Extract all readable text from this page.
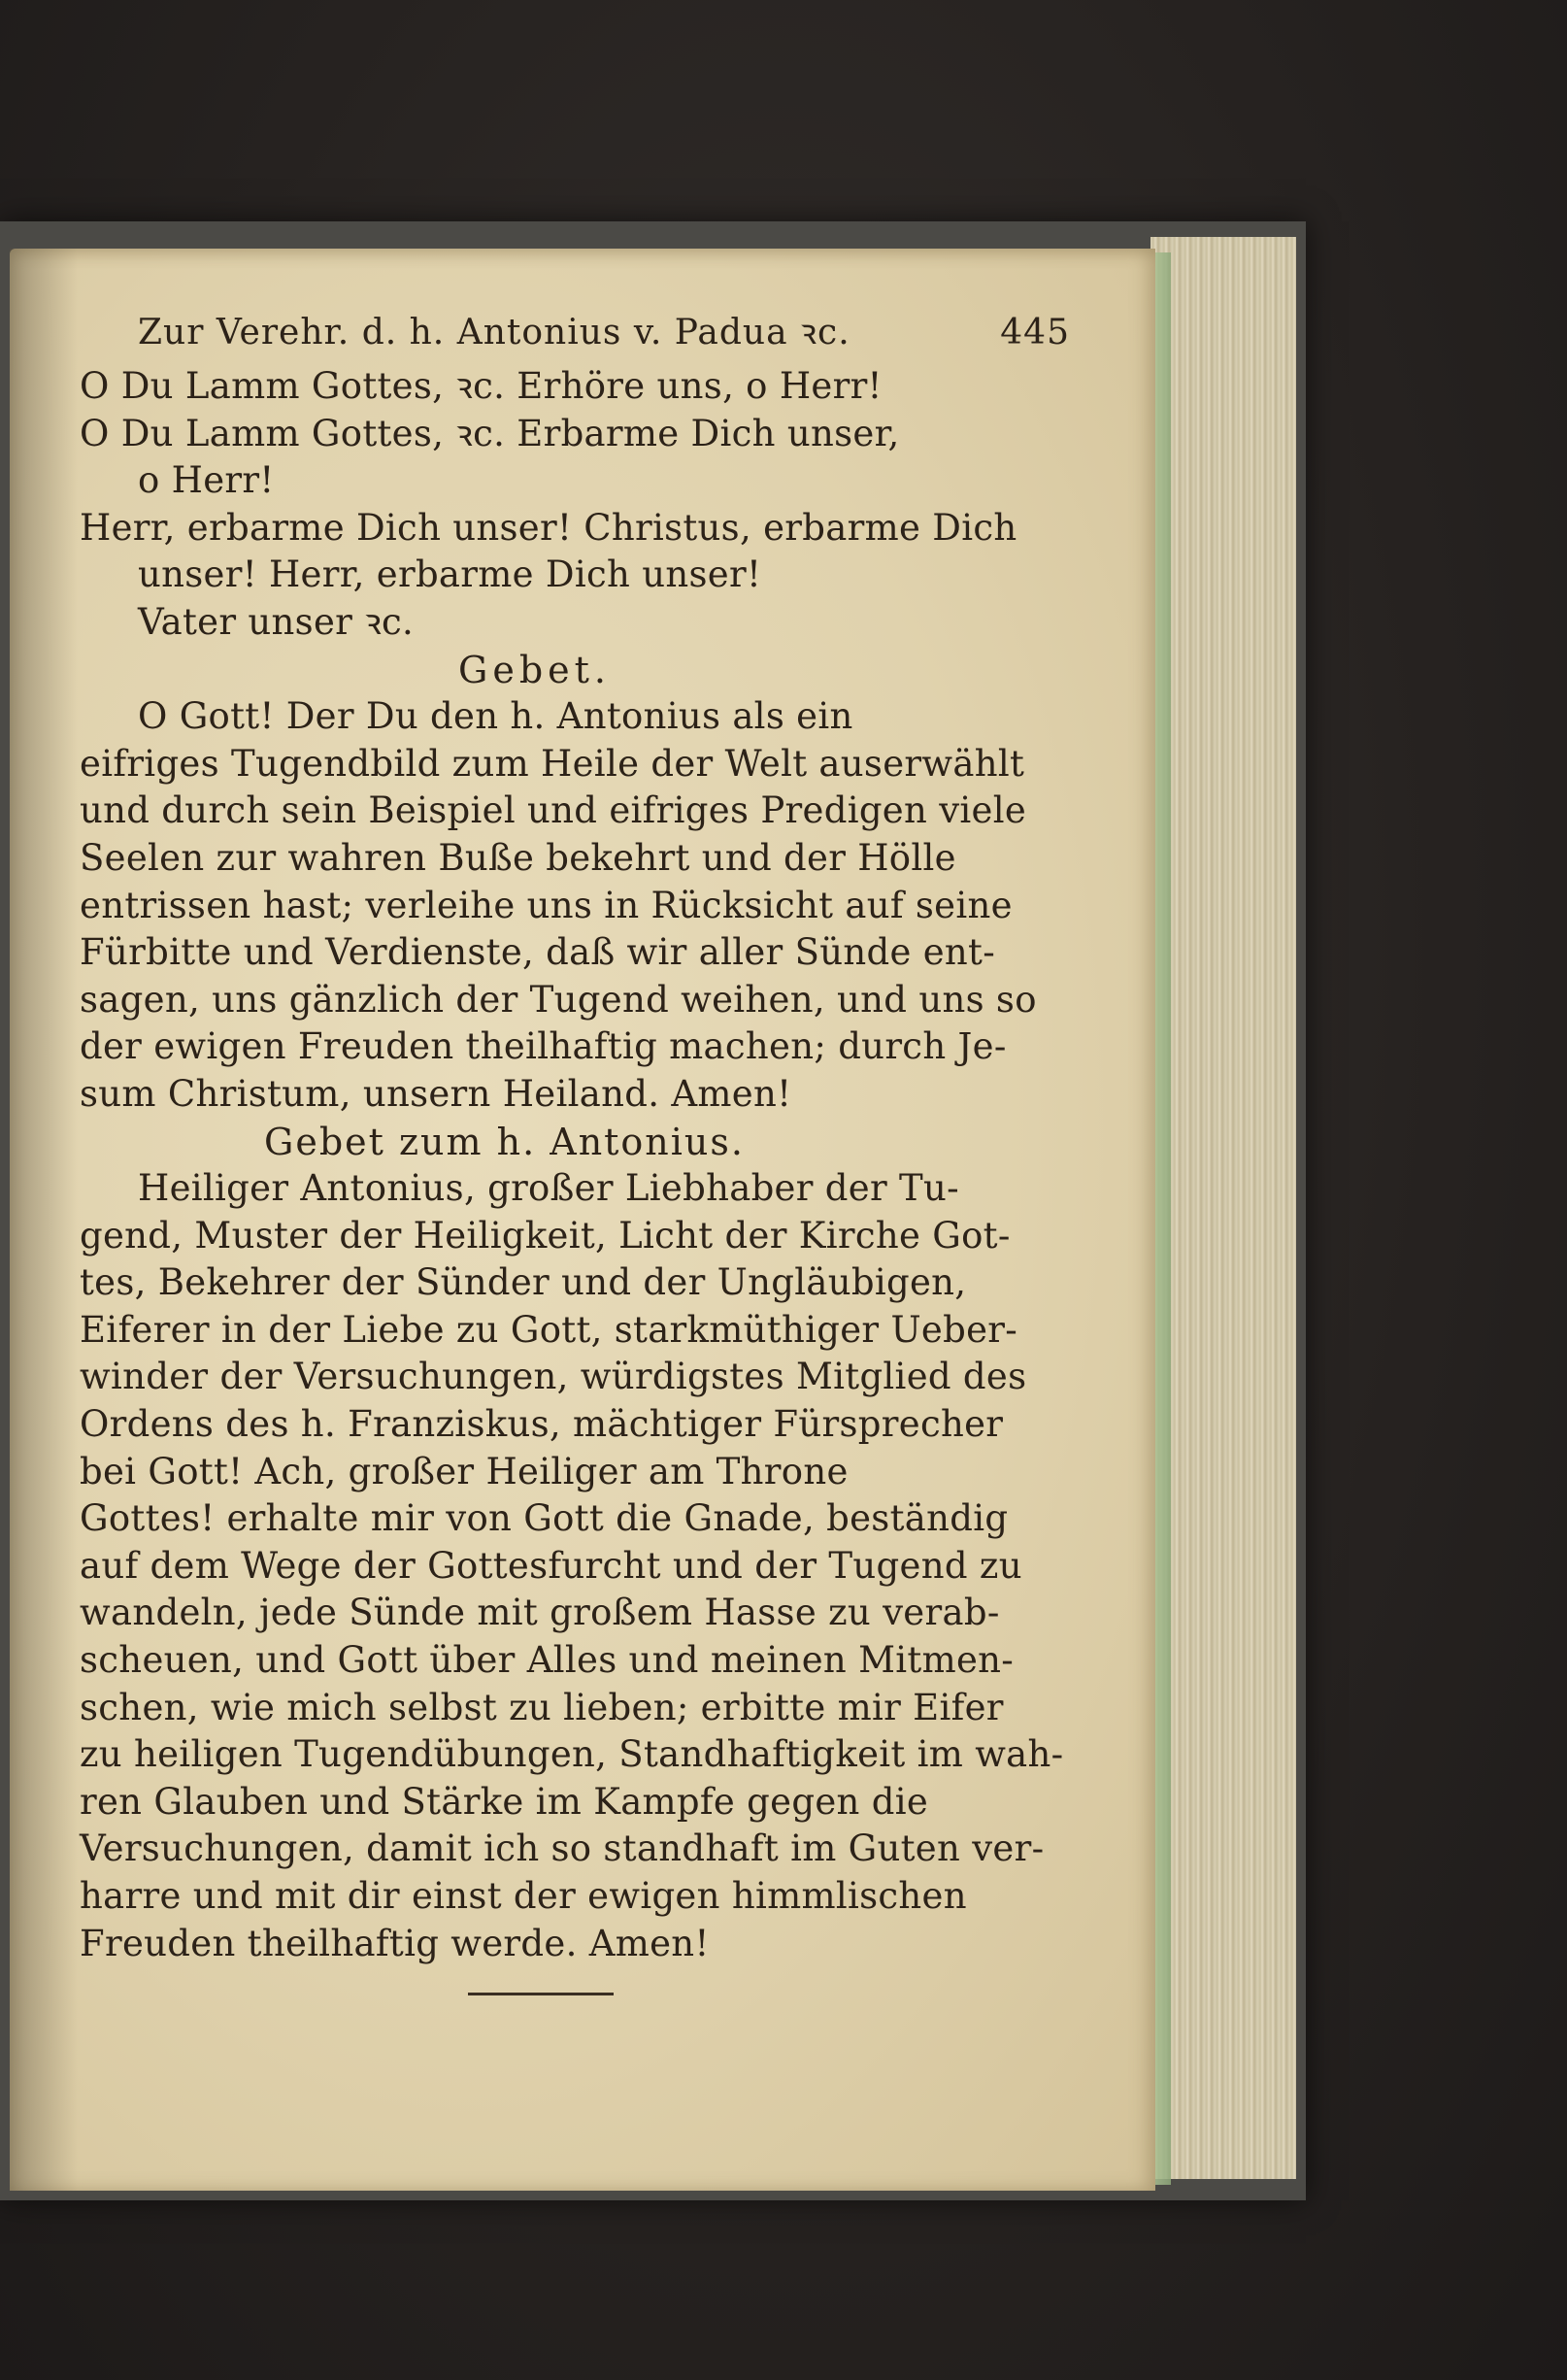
Zur Verehr. d. h. Antonius v. Padua ꝛc.	445
O Du Lamm Gottes, ꝛc. Erhöre uns, o Herr!
O Du Lamm Gottes, ꝛc. Erbarme Dich unser,
o Herr!
Herr, erbarme Dich unser! Christus, erbarme Dich
unser! Herr, erbarme Dich unser!
Vater unser ꝛc.
Gebet.
O Gott! Der Du den h. Antonius als ein
eifriges Tugendbild zum Heile der Welt auserwählt
und durch sein Beispiel und eifriges Predigen viele
Seelen zur wahren Buße bekehrt und der Hölle
entrissen hast; verleihe uns in Rücksicht auf seine
Fürbitte und Verdienste, daß wir aller Sünde ent-
sagen, uns gänzlich der Tugend weihen, und uns so
der ewigen Freuden theilhaftig machen; durch Je-
sum Christum, unsern Heiland. Amen!
Gebet zum h. Antonius.
Heiliger Antonius, großer Liebhaber der Tu-
gend, Muster der Heiligkeit, Licht der Kirche Got-
tes, Bekehrer der Sünder und der Ungläubigen,
Eiferer in der Liebe zu Gott, starkmüthiger Ueber-
winder der Versuchungen, würdigstes Mitglied des
Ordens des h. Franziskus, mächtiger Fürsprecher
bei Gott! Ach, großer Heiliger am Throne
Gottes! erhalte mir von Gott die Gnade, beständig
auf dem Wege der Gottesfurcht und der Tugend zu
wandeln, jede Sünde mit großem Hasse zu verab-
scheuen, und Gott über Alles und meinen Mitmen-
schen, wie mich selbst zu lieben; erbitte mir Eifer
zu heiligen Tugendübungen, Standhaftigkeit im wah-
ren Glauben und Stärke im Kampfe gegen die
Versuchungen, damit ich so standhaft im Guten ver-
harre und mit dir einst der ewigen himmlischen
Freuden theilhaftig werde. Amen!
